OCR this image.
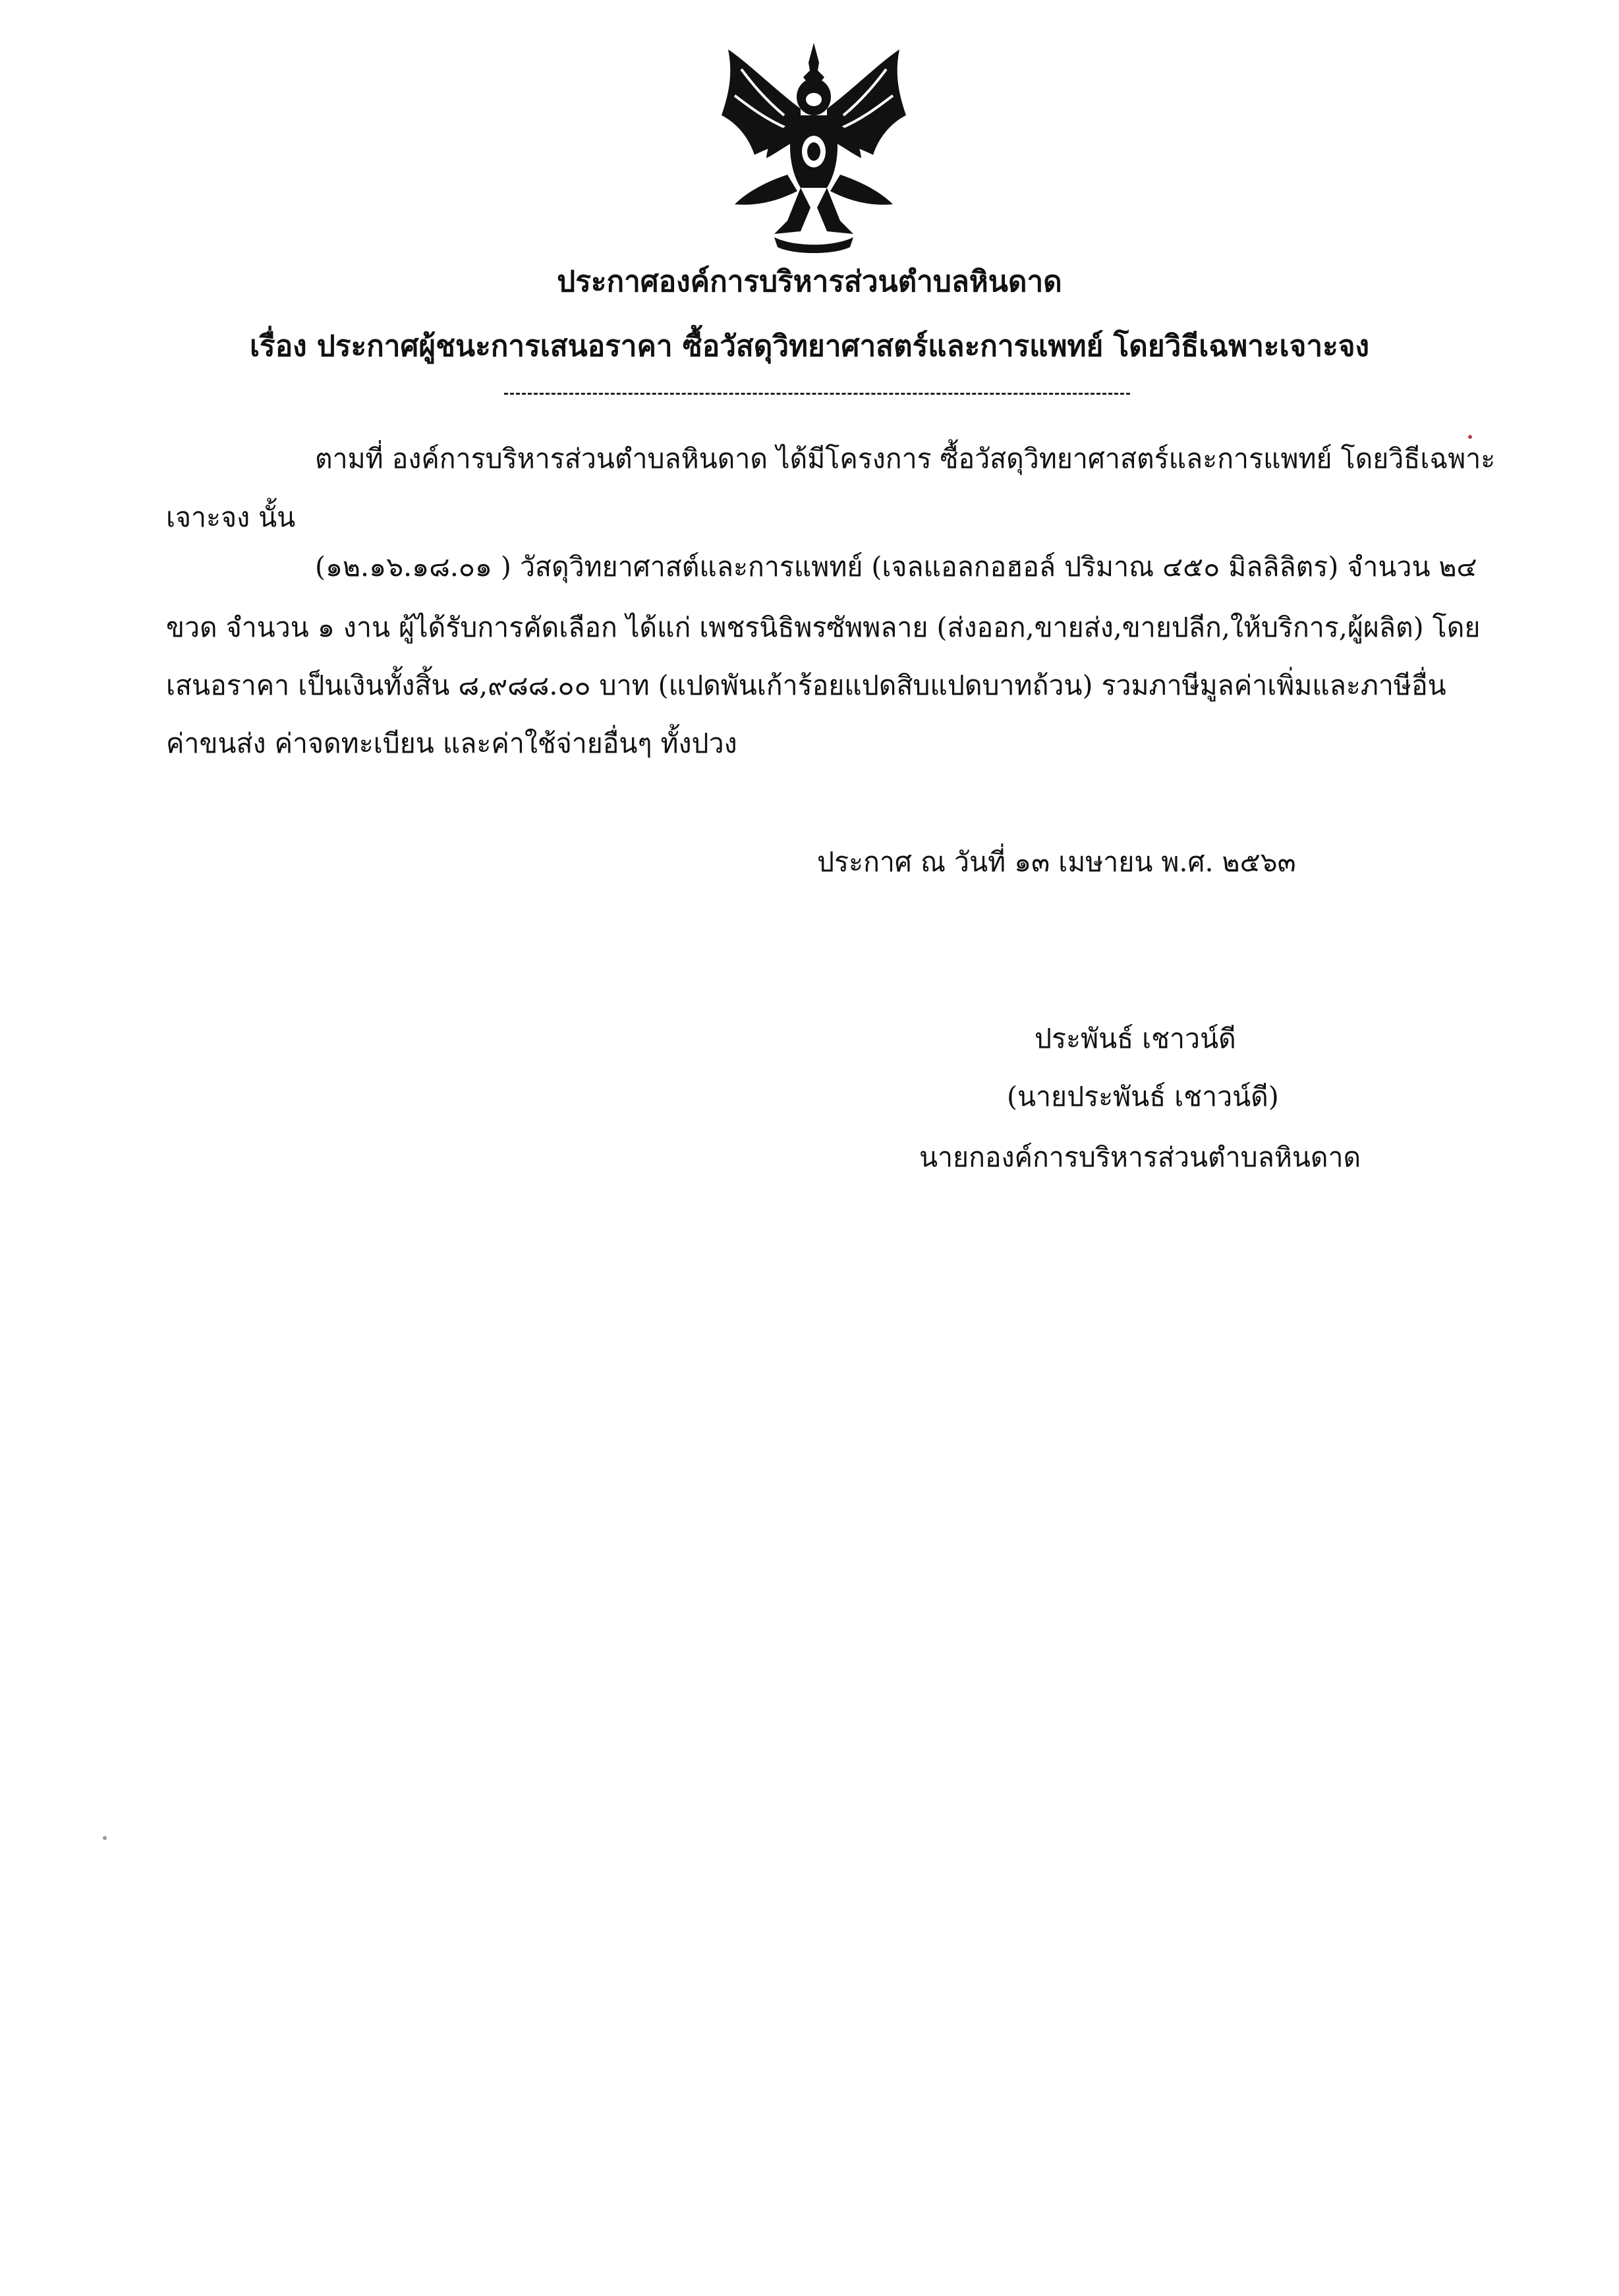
ประกาศองค์การบริหารส่วนตำบลหินดาด
เรื่อง ประกาศผู้ชนะการเสนอราคา ซื้อวัสดุวิทยาศาสตร์และการแพทย์ โดยวิธีเฉพาะเจาะจง
ตามที่ องค์การบริหารส่วนตำบลหินดาด ได้มีโครงการ ซื้อวัสดุวิทยาศาสตร์และการแพทย์ โดยวิธีเฉพาะ
เจาะจง นั้น
(๑๒.๑๖.๑๘.๐๑ ) วัสดุวิทยาศาสต์และการแพทย์ (เจลแอลกอฮอล์ ปริมาณ ๔๕๐ มิลลิลิตร) จำนวน ๒๔
ขวด จำนวน ๑ งาน ผู้ได้รับการคัดเลือก ได้แก่ เพชรนิธิพรซัพพลาย (ส่งออก,ขายส่ง,ขายปลีก,ให้บริการ,ผู้ผลิต) โดย
เสนอราคา เป็นเงินทั้งสิ้น ๘,๙๘๘.๐๐ บาท (แปดพันเก้าร้อยแปดสิบแปดบาทถ้วน) รวมภาษีมูลค่าเพิ่มและภาษีอื่น
ค่าขนส่ง ค่าจดทะเบียน และค่าใช้จ่ายอื่นๆ ทั้งปวง
ประกาศ ณ วันที่ ๑๓ เมษายน พ.ศ. ๒๕๖๓
ประพันธ์ เชาวน์ดี
(นายประพันธ์ เชาวน์ดี)
นายกองค์การบริหารส่วนตำบลหินดาด
